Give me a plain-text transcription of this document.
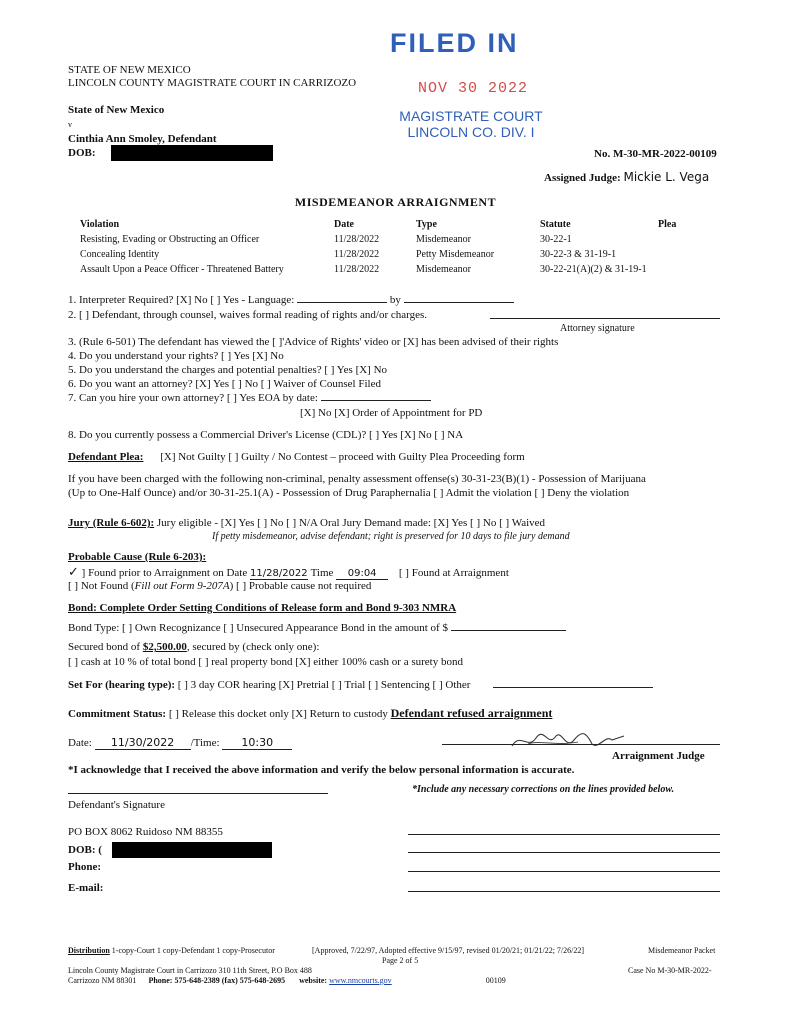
FILED IN
NOV 30 2022
MAGISTRATE COURT
LINCOLN CO. DIV. I
STATE OF NEW MEXICO
LINCOLN COUNTY MAGISTRATE COURT IN CARRIZOZO
State of New Mexico
v
Cinthia Ann Smoley, Defendant
DOB:	No. M-30-MR-2022-00109
Assigned Judge: Mickie L. Vega
MISDEMEANOR ARRAIGNMENT
Violation	Date	Type	Statute	Plea
Resisting, Evading or Obstructing an Officer	11/28/2022	Misdemeanor	30-22-1	
Concealing Identity	11/28/2022	Petty Misdemeanor	30-22-3 & 31-19-1	
Assault Upon a Peace Officer - Threatened Battery	11/28/2022	Misdemeanor	30-22-21(A)(2) & 31-19-1	
1. Interpreter Required? [X] No [ ] Yes - Language:	by
2. [ ] Defendant, through counsel, waives formal reading of rights and/or charges.
Attorney signature
3. (Rule 6-501) The defendant has viewed the [ ]'Advice of Rights' video or [X] has been advised of their rights
4. Do you understand your rights? [ ] Yes [X] No
5. Do you understand the charges and potential penalties? [ ] Yes [X] No
6. Do you want an attorney? [X] Yes [ ] No [ ] Waiver of Counsel Filed
7. Can you hire your own attorney? [ ] Yes EOA by date:
[X] No [X] Order of Appointment for PD
8. Do you currently possess a Commercial Driver's License (CDL)? [ ] Yes [X] No [ ] NA
Defendant Plea: [X] Not Guilty [ ] Guilty / No Contest – proceed with Guilty Plea Proceeding form
If you have been charged with the following non-criminal, penalty assessment offense(s) 30-31-23(B)(1) - Possession of Marijuana
(Up to One-Half Ounce) and/or 30-31-25.1(A) - Possession of Drug Paraphernalia [ ] Admit the violation [ ] Deny the violation
Jury (Rule 6-602): Jury eligible - [X] Yes [ ] No [ ] N/A Oral Jury Demand made: [X] Yes [ ] No [ ] Waived
If petty misdemeanor, advise defendant; right is preserved for 10 days to file jury demand
Probable Cause (Rule 6-203):
✓ ] Found prior to Arraignment on Date 11/28/2022 Time 09:04 [ ] Found at Arraignment
[ ] Not Found (Fill out Form 9-207A) [ ] Probable cause not required
Bond: Complete Order Setting Conditions of Release form and Bond 9-303 NMRA
Bond Type: [ ] Own Recognizance [ ] Unsecured Appearance Bond in the amount of $
Secured bond of $2,500.00, secured by (check only one):
[ ] cash at 10 % of total bond [ ] real property bond [X] either 100% cash or a surety bond
Set For (hearing type): [ ] 3 day COR hearing [X] Pretrial [ ] Trial [ ] Sentencing [ ] Other
Commitment Status: [ ] Release this docket only [X] Return to custody Defendant refused arraignment
Date: 11/30/2022 /Time: 10:30
Arraignment Judge
*I acknowledge that I received the above information and verify the below personal information is accurate.
*Include any necessary corrections on the lines provided below.
Defendant's Signature
PO BOX 8062 Ruidoso NM 88355
DOB: (
Phone:
E-mail:
Distribution 1-copy-Court 1 copy-Defendant 1 copy-Prosecutor	[Approved, 7/22/97, Adopted effective 9/15/97, revised 01/20/21; 01/21/22; 7/26/22]	Misdemeanor Packet
Page 2 of 5
Lincoln County Magistrate Court in Carrizozo 310 11th Street, P.O Box 488
Carrizozo NM 88301 Phone: 575-648-2389 (fax) 575-648-2695 website: www.nmcourts.gov	00109
Case No M-30-MR-2022-
